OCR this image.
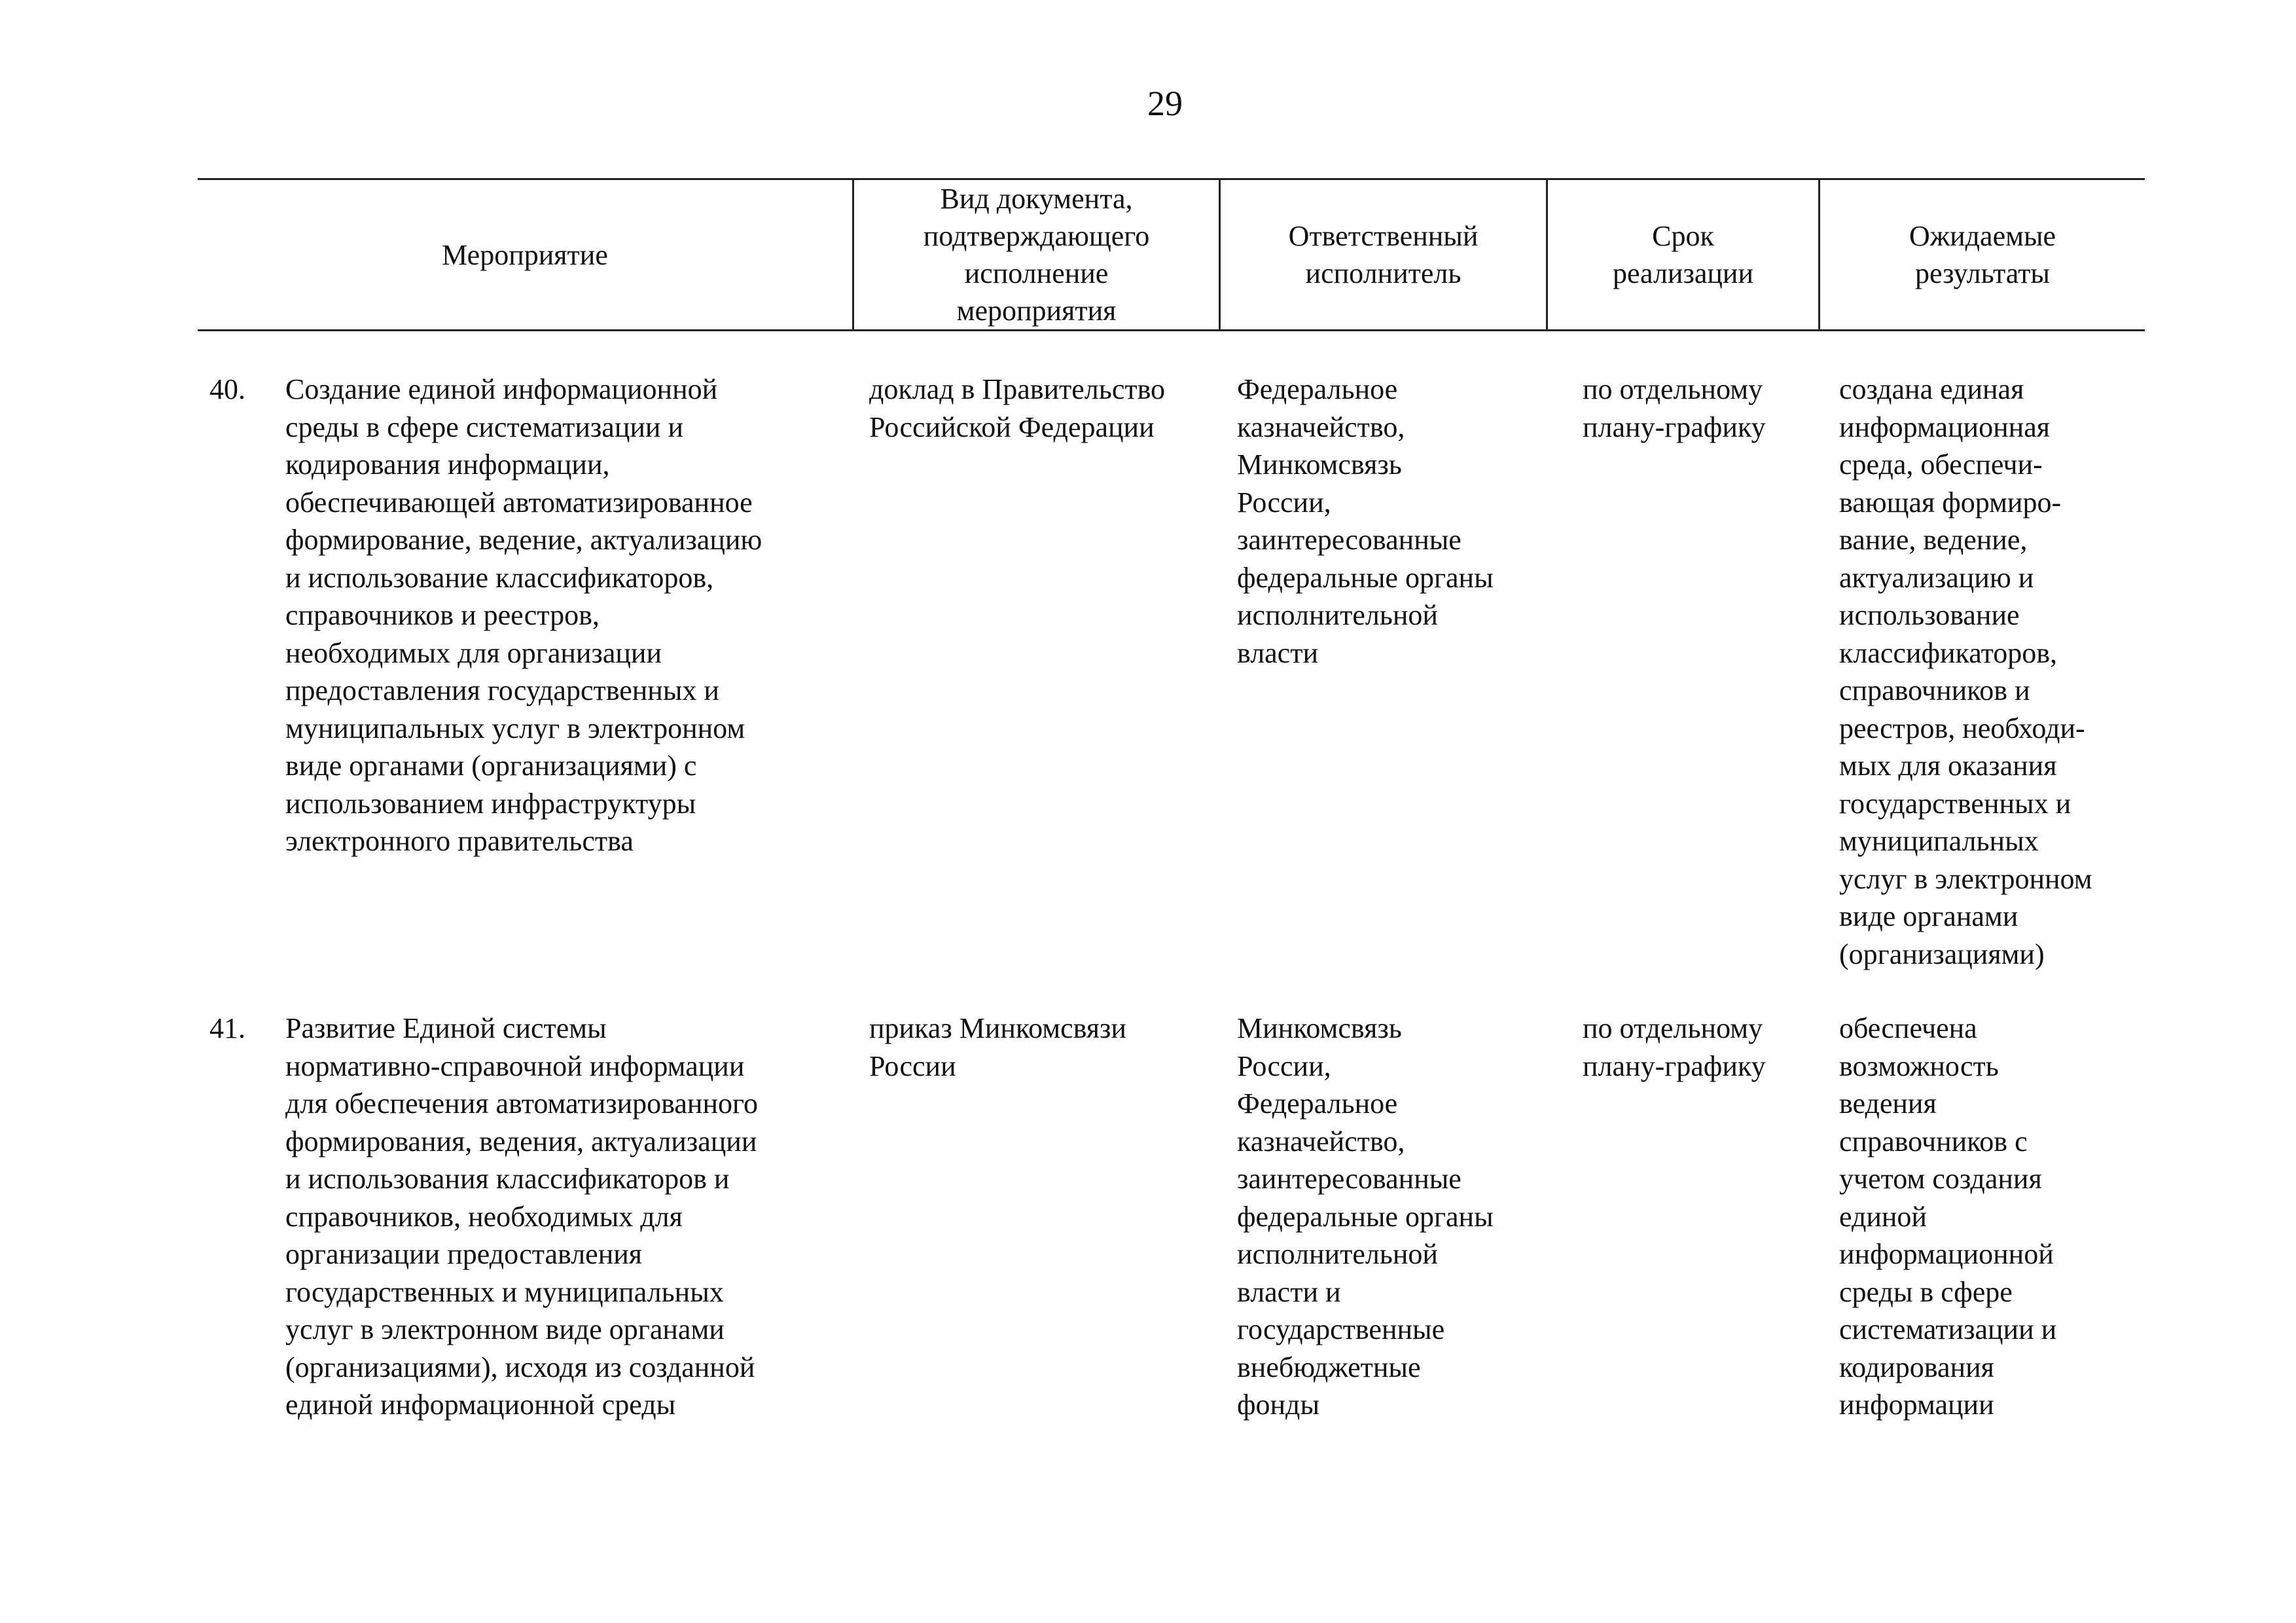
29
Мероприятие
Вид документа,
подтверждающего
исполнение
мероприятия
Ответственный
исполнитель
Срок
реализации
Ожидаемые
результаты
40. Создание единой информационной
среды в сфере систематизации и
кодирования информации,
обеспечивающей автоматизированное
формирование, ведение, актуализацию
и использование классификаторов,
справочников и реестров,
необходимых для организации
предоставления государственных и
муниципальных услуг в электронном
виде органами (организациями) с
использованием инфраструктуры
электронного правительства
доклад в Правительство
Российской Федерации
Федеральное
казначейство,
Минкомсвязь
России,
заинтересованные
федеральные органы
исполнительной
власти
по отдельному
плану-графику
создана единая
информационная
среда, обеспечи-
вающая формиро-
вание, ведение,
актуализацию и
использование
классификаторов,
справочников и
реестров, необходи-
мых для оказания
государственных и
муниципальных
услуг в электронном
виде органами
(организациями)
41. Развитие Единой системы
нормативно-справочной информации
для обеспечения автоматизированного
формирования, ведения, актуализации
и использования классификаторов и
справочников, необходимых для
организации предоставления
государственных и муниципальных
услуг в электронном виде органами
(организациями), исходя из созданной
единой информационной среды
приказ Минкомсвязи
России
Минкомсвязь
России,
Федеральное
казначейство,
заинтересованные
федеральные органы
исполнительной
власти и
государственные
внебюджетные
фонды
по отдельному
плану-графику
обеспечена
возможность
ведения
справочников с
учетом создания
единой
информационной
среды в сфере
систематизации и
кодирования
информации
